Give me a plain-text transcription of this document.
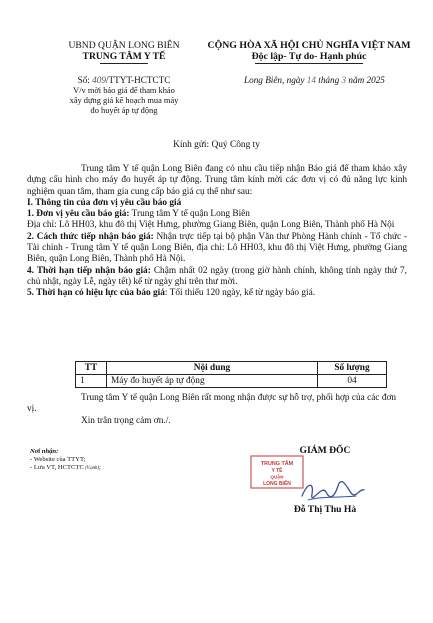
UBND QUẬN LONG BIÊN
TRUNG TÂM Y TẾ
CỘNG HÒA XÃ HỘI CHỦ NGHĨA VIỆT NAM
Độc lập- Tự do- Hạnh phúc
Số: 409/TTYT-HCTCTC
V/v mời báo giá để tham khảo
xây dựng giá kế hoạch mua máy
đo huyết áp tự động
Long Biên, ngày 14 tháng 3 năm 2025
Kính gửi: Quý Công ty

Trung tâm Y tế quận Long Biên đang có nhu cầu tiếp nhận Báo giá để tham khảo xây dựng cấu hình cho máy đo huyết áp tự động. Trung tâm kính mời các đơn vị có đủ năng lực kinh nghiệm quan tâm, tham gia cung cấp báo giá cụ thể như sau:

I. Thông tin của đơn vị yêu cầu báo giá

1. Đơn vị yêu cầu báo giá: Trung tâm Y tế quận Long Biên

Địa chỉ: Lô HH03, khu đô thị Việt Hưng, phường Giang Biên, quận Long Biên, Thành phố Hà Nội

2. Cách thức tiếp nhận báo giá: Nhận trực tiếp tại bộ phận Văn thư Phòng Hành chính - Tổ chức - Tài chính - Trung tâm Y tế quận Long Biên, địa chỉ: Lô HH03, khu đô thị Việt Hưng, phường Giang Biên, quận Long Biên, Thành phố Hà Nội.

4. Thời hạn tiếp nhận báo giá: Chậm nhất 02 ngày (trong giờ hành chính, không tính ngày thứ 7, chủ nhật, ngày Lễ, ngày tết) kể từ ngày ghi trên thư mời.

5. Thời hạn có hiệu lực của báo giá: Tối thiểu 120 ngày, kể từ ngày báo giá.

TT	Nội dung	Số lượng
1	Máy đo huyết áp tự động	04

Trung tâm Y tế quận Long Biên rất mong nhận được sự hỗ trợ, phối hợp của các đơn vị.

Xin trân trọng cảm ơn./.

Nơi nhận:
- Website của TTYT;
- Lưu VT, HCTCTC (V.anh);
GIÁM ĐỐC
TRUNG TÂM
Y TẾ
QUẬN
LONG BIÊN
Đỗ Thị Thu Hà
